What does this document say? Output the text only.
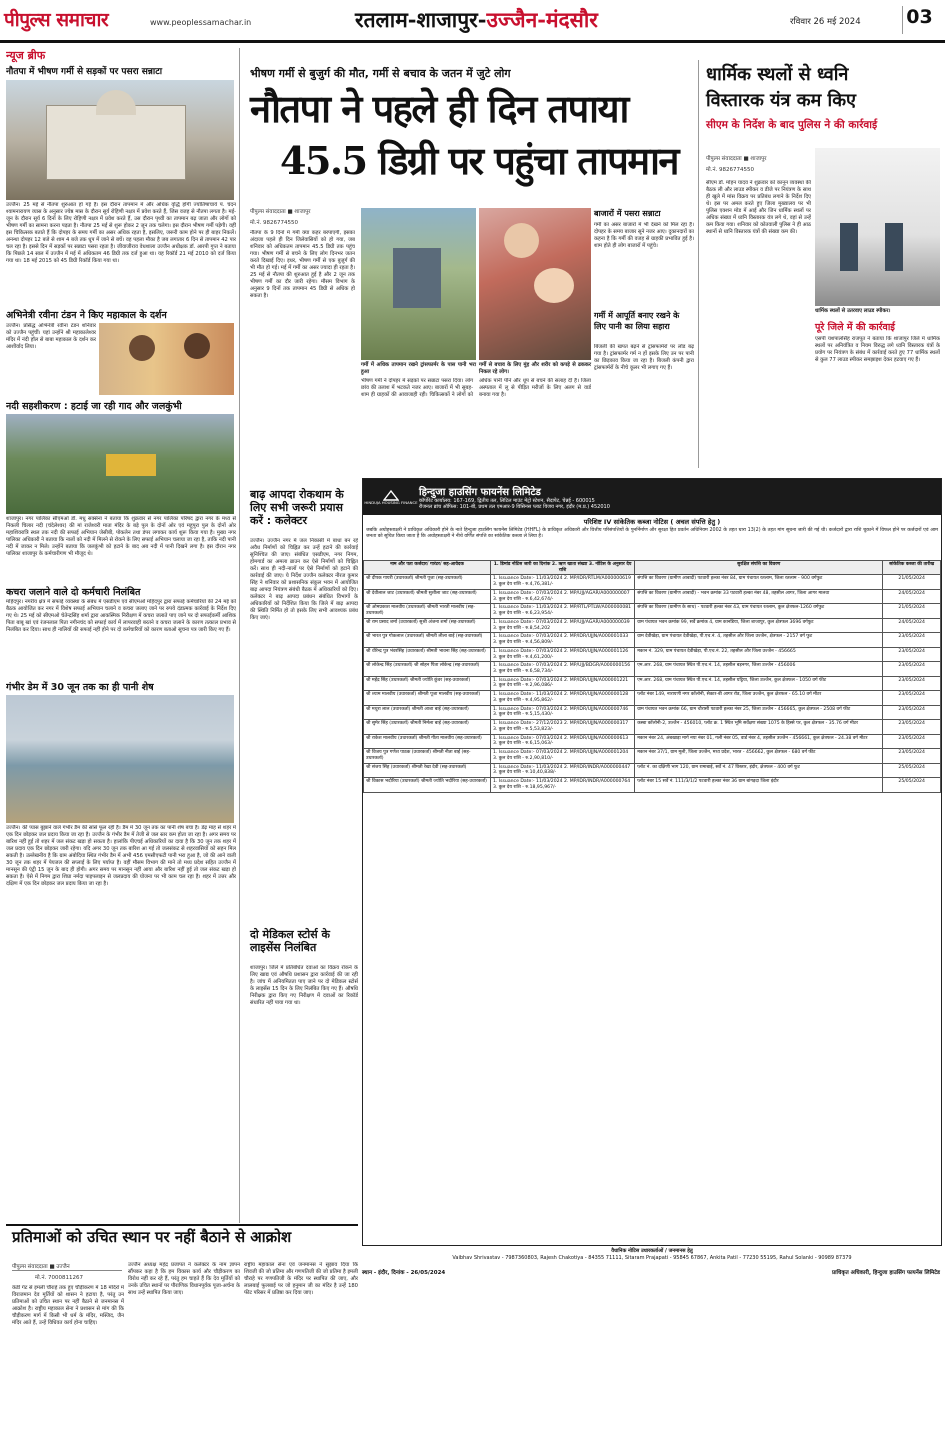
पीपुल्स समाचार	www.peoplessamachar.in	रतलाम-शाजापुर-उज्जैन-मंदसौर	रविवार 26 मई 2024 03
न्यूज ब्रीफ
नौतपा में भीषण गर्मी से सड़कों पर पसरा सन्नाटा
उज्जैन। 25 मई से नौतपा शुरुआत हो गई है। इस दौरान तापमान में और अधिक वृद्धि होगी ज्योतिषाचार्य पं. चंदन श्यामनारायण व्यास के अनुसार ज्येष्ठ मास के दौरान सूर्य रोहिणी नक्षत्र में प्रवेश करते हैं, जिस वजह से नौतपा लगता है। मई-जून के दौरान सूर्य 6 दिनों के लिए रोहिणी नक्षत्र में प्रवेश करते हैं, उस दौरान पृथ्वी का तापमान बढ़ जाता और लोगों को भीषण गर्मी का सामना करना पड़ता है। नौतपा 25 मई से शुरू होकर 2 जून तक चलेगा। इस दौरान भीषण गर्मी पड़ेगी। वहीं इस चिकित्सक बताते हैं कि दोपहर के समय गर्मी का असर अधिक रहता है, इसलिए, जरूरी काम होने पर ही बाहर निकलें। अनन्था दोपहर 12 बजे से शाम 4 बजे तक धूप में जाने से बचें। वह पहला मौका है जब लगातार 6 दिन से तापमान 42 पार चल रहा है। इससे दिन में सड़कों पर सन्नाटा पसरा रहता है। जीवाजीराव वेधशाला उज्जैन अधीक्षक डॉ. आरपी गुप्त ने बताया कि पिछले 14 साल में उज्जैन में मई में अधिकतम 46 डिग्री तक दर्ज हुआ था। यह रिकॉर्ड 21 मई 2010 को दर्ज किया गया था। 18 मई 2015 को 45 डिग्री रिकॉर्ड किया गया था।
अभिनेत्री रवीना टंडन ने किए महाकाल के दर्शन
उज्जैन। प्रसिद्ध अभिनेत्री रवीना टंडन शनिवार को उज्जैन पहुंचीं। यहां उन्होंने श्री महाकालेश्वर मंदिर में नंदी हॉल से बाबा महाकाल के दर्शन कर आशीर्वाद लिया।
नदी सहशीकरण : हटाई जा रही गाद और जलकुंभी
शाजापुर। नगर पालिका सीएमओ डॉ. मधु सक्सेना ने बताया कि शुक्रवार से नगर पालिका परिषद द्वारा नगर के मध्य से निकली चिलार नदी (चंदेलेश्वर) की मां राजेश्वरी माता मंदिर के बड़े पुल के दोनों ओर एवं महूपुरा पुल के दोनों ओर महाशिवरात्रि स्थल तक नदी की सफाई अभियान जेसीबी, पोकलेन तथा डंपर लगाकर कार्य शुरू किया गया है। मुख्य नगर पालिका अधिकारी ने बताया कि नालों को नदी में मिलने से रोकने के लिए सफाई अभियान चलाया जा रहा है, ताकि नदी पानी नदी में जाकर न मिले। उन्होंने बताया कि जलकुंभी को हटाने के बाद अब नदी में पानी दिखने लगा है। इस दौरान नगर पालिका शाजापुर के कर्मचारीगण भी मौजूद थे।
कचरा जलाने वाले दो कर्मचारी निलंबित
महिदपुर। नगरीय क्षेत्र में सफाई व्यवस्था के संबंध में एसडीएम एवं सीएमओ महिदपुर द्वारा सफाई कर्मचारियों की 24 मई को बैठक आयोजित कर नगर में विशेष सफाई अभियान चलाने व कचरा जलाए जाने पर रुपये दंडात्मक कार्रवाई के निर्देश दिए गए थे। 25 मई को सीएमओ चेतेन्द्रसिंह शर्मा द्वारा आकस्मिक निरीक्षण में कचरा जलाते पाए जाने पर दो सफाईकर्मी आशिक पिता बाबू खां एवं रंजनलाल पिता नगीनचंद को सफाई कार्य में लापरवाही बरतने व कचरा जलाने के कारण तत्काल प्रभाव से निलंबित कर दिया। साथ ही नालियों की सफाई नहीं होने पर दो कर्मचारियों को कारण बताओ सूचना पत्र जारी किए गए हैं।
गंभीर डेम में 30 जून तक का ही पानी शेष
उज्जैन। की प्यास बुझाने वाले गंभीर डैम की सांसें फूल रही हैं। डैम में 30 जून तक का पानी शेष बचा है। डेढ़ माह से शहर में एक दिन छोड़कर जल प्रदाय किया जा रहा है। उज्जैन के गंभीर डैम में तेजी से जल स्तर कम होता जा रहा है। अगर समय पर बारिश नहीं हुई तो शहर में जल संकट खड़ा हो सकता है। हालांकि पीएचई अधिकारियों का दावा है कि 30 जून तक शहर में जल प्रदाय एक दिन छोड़कर जारी रहेगा। यदि अगर 30 जून तक बारिश आ गई तो जलसंकट से शहरवासियों को सहन मिल सकती है। उल्लेखनीय है कि ग्राम अंबोदिया स्थित गंभीर डैम में अभी 456 एमसीएफटी पानी भरा हुआ है, जो की आने वाली 30 जून तक शहर में पेयजल की सप्लाई के लिए पर्याप्त है। वहीं मौसम विभाग की माने तो मध्य प्रदेश सहित उज्जैन में मानसून की एंट्री 15 जून के बाद ही होगी। अगर समय पर मानसून नहीं आया और बारिश नहीं हुई तो जल संकट खड़ा हो सकता है। ऐसे में निगम द्वारा शिप्रा नर्मदा पाइपलाइन से जलप्रदाय की योजना पर भी काम चल रहा है। शहर में उत्तर और दक्षिण में एक दिन छोड़कर जल प्रदाय किया जा रहा है।
भीषण गर्मी से बुजुर्ग की मौत, गर्मी से बचाव के जतन में जुटे लोग
नौतपा ने पहले ही दिन तपाया
45.5 डिग्री पर पहुंचा तापमान
पीपुल्स संवाददाता ■ शाजापुर
मो.नं. 9826774550
नौतपा के 9 दिनों में गर्मी क्या कहर बरपाएगी, इसका अंदाजा पहले ही दिन जिलेवासियों को हो गया, जब शनिवार को अधिकतम तापमान 45.5 डिग्री तक पहुंच गया। भीषण गर्मी से बचने के लिए लोग दिनभर जतन करते दिखाई दिए। इधर, भीषण गर्मी से एक बुजुर्ग की भी मौत हो गई। मई में गर्मी का असर ज्यादा ही रहता है। 25 मई से नौतपा की शुरुआत हुई है और 2 जून तक भीषण गर्मी का दौर जारी रहेगा। मौसम विभाग के अनुसार 9 दिनों तक तापमान 45 डिग्री से अधिक हो सकता है।
गर्मी में अधिक तापमान रखने ट्रांसफार्मर के पास पानी भरा हुआ
गर्मी से बचाव के लिए मुंह और शरीर को कपड़े से ढककर निकल रहे लोग।
भीषण गर्मी ने दोपहर में सड़कों पर सन्नाटा पसरा दिया। लोग छांव की तलाश में भटकते नजर आए। बाजारों में भी सुबह-शाम ही ग्राहकों की आवाजाही रही। चिकित्सकों ने लोगों को अधिक पानी पीने और धूप से बचने की सलाह दी है। जिला अस्पताल में लू से पीड़ित मरीजों के लिए अलग से वार्ड बनाया गया है।
बाजारों में पसरा सन्नाटा
गर्मी का असर बाजारों में भी देखने को मिल रहा है। दोपहर के समय बाजार सूने नजर आए। दुकानदारों का कहना है कि गर्मी की वजह से ग्राहकी प्रभावित हुई है। शाम होते ही लोग बाजारों में पहुंचे।
गर्मी में आपूर्ति बनाए रखने के लिए पानी का लिया सहारा
बिजली की खपत बढ़ने से ट्रांसफार्मरों पर लोड बढ़ गया है। ट्रांसफार्मर गर्म न हों इसके लिए उन पर पानी का छिड़काव किया जा रहा है। बिजली कंपनी द्वारा ट्रांसफार्मरों के नीचे कूलर भी लगाए गए हैं।
धार्मिक स्थलों से ध्वनि
विस्तारक यंत्र कम किए
सीएम के निर्देश के बाद पुलिस ने की कार्रवाई
पीपुल्स संवाददाता ■ शाजापुर
मो.नं. 9826774550
सीएम डॉ. मोहन यादव ने शुक्रवार को कानून व्यवस्था की बैठक ली और लाउड स्पीकर व डीजे पर नियंत्रण के साथ ही खुले में मांस विक्रय पर प्रतिबंध लगाने के निर्देश दिए थे। इस पर अमल करते हुए जिला मुख्यालय पर भी पुलिस एक्शन मोड में आई और जिन धार्मिक स्थलों पर अधिक संख्या में ध्वनि विस्तारक यंत्र लगे थे, वहां से उन्हें कम किया गया। शनिवार को कोतवाली पुलिस ने ही आठ स्थानों से ध्वनि विस्तारक यंत्रों की संख्या कम की।
धार्मिक स्थलों से उतरवाए लाउड स्पीकर।
पूरे जिले में की कार्रवाई
एसपी यशपालसिंह राजपूत ने बताया कि शाजापुर जिले में धार्मिक स्थलों पर अनियंत्रित व नियम विरुद्ध लगे ध्वनि विस्तारक यंत्रों के प्रयोग पर नियंत्रण के संबंध में कार्रवाई करते हुए 77 धार्मिक स्थलों से कुल 77 लाउड स्पीकर समझाइश देकर हटवाए गए हैं।
बाढ़ आपदा रोकथाम के लिए सभी जरूरी प्रयास करें : कलेक्टर
उज्जैन। उज्जैन नगर में जल निकासी में बाधा बन रहे अवैध निर्माणों को चिह्नित कर उन्हें हटाने की कार्रवाई सुनिश्चित की जाए। संबंधित एसडीएम, नगर निगम, होमगार्ड का अमला ब्राउन कर ऐसे निर्माणों को चिह्नित करें। साथ ही नदी-नालों पर ऐसे निर्माणों को हटाने की कार्रवाई की जाए। ये निर्देश उज्जैन कलेक्टर नीरज कुमार सिंह ने शनिवार को प्रशासनिक संकुल भवन में आयोजित बाढ़ आपदा नियंत्रण संबंधी बैठक में अधिकारियों को दिए। कलेक्टर ने बाढ़ आपदा प्रबंधन संबंधित विभागों के अधिकारियों को निर्देशित किया कि जिले में बाढ़ आपदा की स्थिति निर्मित हो तो इसके लिए सभी आवश्यक प्रबंध किए जाएं।
दो मेडिकल स्टोर्स के लाइसेंस निलंबित
शाजापुर। जिले में प्रतिबंधित दवाओं का विक्रय रोकने के लिए खाद्य एवं औषधि प्रशासन द्वारा कार्रवाई की जा रही है। जांच में अनियमितता पाए जाने पर दो मेडिकल स्टोर्स के लाइसेंस 15 दिन के लिए निलंबित किए गए हैं। औषधि निरीक्षक द्वारा किए गए निरीक्षण में दवाओं का रिकॉर्ड संधारित नहीं पाया गया था।
HINDUJA HOUSING FINANCE
हिन्दुजा हाउसिंग फायनेंस लिमिटेड
कॉर्पोरेट कार्यालय: 167-169, द्वितीय तल, लिटिल माउंट मेट्रो स्टेशन, सैदापेट, चेन्नई - 600015
रीजनल ब्रांच ऑफिस: 101-बी, प्रथम तल एमआर-9 विसिनस प्लाट विजय नगर, इंदौर (म.प्र.) 452010
परिशिष्ट IV सांकेतिक कब्जा नोटिस ( अचल संपत्ति हेतु )
जबकि अधोहस्ताक्षरी ने प्राधिकृत अधिकारी होने के नाते हिन्दुजा हाउसिंग फायनेंस लिमिटेड (HHFL) के प्राधिकृत अधिकारी और वित्तीय परिसंपत्तियों के पुनर्निर्माण और सुरक्षा हित प्रवर्तन अधिनियम 2002 के तहत धारा 13(2) के तहत मांग सूचना जारी की गई थी। कर्जदारों द्वारा राशि चुकाने में विफल होने पर कर्जदारों एवं आम जनता को सूचित किया जाता है कि अधोहस्ताक्षरी ने नीचे वर्णित संपत्ति का सांकेतिक कब्जा ले लिया है।
नाम और पता कर्जदार/ गारंटर/ सह-आवेदक	1. डिमांड नोटिस जारी का दिनांक 2. ऋण खाता संख्या 3. नोटिस के अनुसार देय राशि	सुरक्षित संपत्ति का विवरण	सांकेतिक कब्जा की तारीख
श्री दीपक गायरी (उधारकर्ता) श्रीमती पूजा (सह-उधारकर्ता)	1. Issuance Date:- 11/03/2024 2. MP/IDR/RTLM/A000000619 3. कुल देय राशि - रु.4,76,381/-	संपत्ति का विवरण (ग्रामीण आबादी) पटवारी हल्का नंबर 84, ग्राम पंचायत रतलाम, जिला रतलाम - 900 वर्गफुट	21/05/2024
श्री देवीलाल जाट (उधारकर्ता) श्रीमती सुशीला जाट (सह-उधारकर्ता)	1. Issuance Date:- 07/03/2024 2. MP/UJJ/AGAR/A000000007 3. कुल देय राशि - रु.6,42,674/-	संपत्ति का विवरण (ग्रामीण आबादी) - भवन क्रमांक 33 पटवारी हल्का नंबर 48, तहसील आगर, जिला आगर मालवा	24/05/2024
श्री ओमप्रकाश मालवीय (उधारकर्ता) श्रीमती भारती मालवीय (सह-उधारकर्ता)	1. Issuance Date:- 11/03/2024 2. MP/RTL/PTLW/A000000081 3. कुल देय राशि - रु.6,23,954/-	संपत्ति का विवरण (ग्रामीण के साथ) - पटवारी हल्का नंबर 43, ग्राम पंचायत रतलाम, कुल क्षेत्रफल-1260 वर्गफुट	21/05/2024
श्री राम प्रसाद शर्मा (उधारकर्ता) सुश्री अंजना शर्मा (सह-उधारकर्ता)	1. Issuance Date:- 07/03/2024 2. MP/UJJ/AGAR/A000000039 3. कुल देय राशि - रु.8,54,202	ग्राम पंचायत भवन क्रमांक 99, सर्वे क्रमांक 4, ग्राम कानडिया, जिला शाजापुर, कुल क्षेत्रफल 3696 वर्गफुट	24/05/2024
श्री भारत पुत्र गोकलाल (उधारकर्ता) श्रीमती लीला बाई (सह-उधारकर्ता)	1. Issuance Date:- 07/03/2024 2. MP/IDR/UJJN/A000001033 3. कुल देय राशि - रु.4,56,809/-	ग्राम देवीखेड़ा, ग्राम पंचायत देवीखेड़ा, पी.एच.नं. 4, तहसील और जिला उज्जैन, क्षेत्रफल - 2157 वर्ग फुट	23/05/2024
श्री धीरेन्द्र पुत्र भंवरसिंह (उधारकर्ता) श्रीमती भावना सिंह (सह-उधारकर्ता)	1. Issuance Date:- 07/03/2024 2. MP/IDR/UJJN/A000001126 3. कुल देय राशि - रु.4,61,200/-	मकान नं. 329, ग्राम पंचायत देवीखेड़ा, पी.एच.नं. 22, तहसील और जिला उज्जैन - 456665	23/05/2024
श्री लोकेन्द्र सिंह (उधारकर्ता) श्री सोहन पिता लोकेन्द्र (सह-उधारकर्ता)	1. Issuance Date:- 07/03/2024 2. MP/UJJ/BDGR/A000000156 3. कुल देय राशि - रु.6,58,734/-	एम.आर. 268, ग्राम पंचायत स्थित पी.एच.नं. 14, तहसील बड़नगर, जिला उज्जैन - 456006	23/05/2024
श्री महेंद्र सिंह (उधारकर्ता) श्रीमती ज्योति कुंवर (सह-उधारकर्ता)	1. Issuance Date:- 07/03/2024 2. MP/IDR/UJJN/A000001221 3. कुल देय राशि - रु.2,96,086/-	एम.आर. 268, ग्राम पंचायत स्थित पी.एच.नं. 14, तहसील घट्टिया, जिला उज्जैन, कुल क्षेत्रफल - 1050 वर्ग फीट	23/05/2024
श्री श्याम मालवीय (उधारकर्ता) श्रीमती पूजा मालवीय (सह-उधारकर्ता)	1. Issuance Date:- 11/03/2024 2. MP/IDR/UJJN/A000000128 3. कुल देय राशि - रु.4,95,862/-	प्लॉट नंबर 149, नारायणी नगर कॉलोनी, सेक्टर-बी आगर रोड, जिला उज्जैन, कुल क्षेत्रफल - 65.10 वर्ग मीटर	23/05/2024
श्री मथुरा लाल (उधारकर्ता) श्रीमती आशा बाई (सह-उधारकर्ता)	1. Issuance Date:- 07/03/2024 2. MP/IDR/UJJN/A000000746 3. कुल देय राशि - रु.5,15,430/-	ग्राम पंचायत भवन क्रमांक 66, ग्राम चौरासी पटवारी हल्का नंबर 25, जिला उज्जैन - 456665, कुल क्षेत्रफल - 2508 वर्ग फीट	23/05/2024
श्री सुमेर सिंह (उधारकर्ता) श्रीमती निर्मला बाई (सह-उधारकर्ता)	1. Issuance Date:- 27/12/2023 2. MP/IDR/UJJN/A000000317 3. कुल देय राशि - रु.5,53,823/-	कस्बा कॉलोनी-2, उज्जैन - 456010, प्लॉट क्र. 1 स्थित भूमि सर्वेक्षण संख्या 1075 के हिस्से पर, कुल क्षेत्रफल - 35.76 वर्ग मीटर	23/05/2024
श्री राकेश मालवीय (उधारकर्ता) श्रीमती गीता मालवीय (सह-उधारकर्ता)	1. Issuance Date:- 07/03/2024 2. MP/IDR/UJJN/A000000613 3. कुल देय राशि - रु.6,15,063/-	मकान नंबर 24, अंबखाड़ा मार्ग नया नंबर 01, गली नंबर 05, वार्ड नंबर 4, तहसील उज्जैन - 456661, कुल क्षेत्रफल - 24.38 वर्ग मीटर	23/05/2024
श्री विजय पुत्र गणेश पाठक (उधारकर्ता) श्रीमती नीता बाई (सह-उधारकर्ता)	1. Issuance Date:- 07/03/2024 2. MP/IDR/UJJN/A000001204 3. कुल देय राशि - रु.2,90,810/-	मकान नंबर 37/1, ग्राम मूली, जिला उज्जैन, मध्य प्रदेश, भारत - 456662, कुल क्षेत्रफल - 680 वर्ग फीट	23/05/2024
श्री संजय सिंह (उधारकर्ता) श्रीमती रेखा देवी (सह-उधारकर्ता)	1. Issuance Date:- 11/03/2024 2. MP/IDR/INDR/A000000447 3. कुल देय राशि - रु.10,40,838/-	प्लॉट नं. का दक्षिणी भाग 120, ग्राम रामाबाई, सर्वे नं. 47 विस्तार, इंदौर, क्षेत्रफल - 400 वर्ग फुट	25/05/2024
श्री विकास भदौरिया (उधारकर्ता) श्रीमती ज्योति भदौरिया (सह-उधारकर्ता)	1. Issuance Date:- 11/03/2024 2. MP/IDR/INDR/A000000764 3. कुल देय राशि - रु.18,95,967/-	प्लॉट नंबर 15 सर्वे नं. 111/3/1/2 पटवारी हल्का नंबर 36 ग्राम बांगड़दा जिला इंदौर	25/05/2024
वैधानिक नोटिस उधारकर्ताओं / जनमानस हेतु
Vaibhav Shrivastav - 7987360803, Rajesh Chakotiya - 84355 71111, Sitaram Prajapati - 95845 67867, Ankita Patil - 77230 55195, Rahul Solanki - 90989 87379
स्थान - इंदौर, दिनांक - 26/05/2024	प्राधिकृत अधिकारी, हिन्दुजा हाउसिंग फायनेंस लिमिटेड
प्रतिमाओं को उचित स्थान पर नहीं बैठाने से आक्रोश
पीपुल्स संवाददाता ■ उज्जैन
मो.नं. 7000811267
केडी गेट से इमली चौराहे तक हुए चौड़ीकरण में 18 मंदिरों में विराजमान देव मूर्तियों को शासन ने हटाया है, परंतु उन प्रतिमाओं को उचित स्थान पर नहीं बैठाने से जनमानस में आक्रोश है। राष्ट्रीय महाकाल सेना ने प्रशासन से मांग की कि चौड़ीकरण मार्ग में किसी भी धर्म के मंदिर, मस्जिद, जैन मंदिर आते हैं, उन्हें विधिवत कार्य होना चाहिए।
उज्जैन अध्यक्ष महेंद्र प्रजापत ने कलेक्टर के नाम ज्ञापन सौंपकर कहा है कि हम विकास कार्य और चौड़ीकरण का विरोध नहीं कर रहे हैं, परंतु हम चाहते हैं कि देव मूर्तियों को उनके उचित स्थानों पर पौराणिक विधानपूर्वक पूजा-अर्चना के साथ उन्हें स्थापित किया जाए।
राष्ट्रीय महाकाल सेना एवं जनमानस ने सुझाव दिया कि शिवजी की जो प्रतिमा और गणपतिजी की जो प्रतिमा है इमली चौराहे पर गणपतिजी के मंदिर पर स्थापित की जाए, और लालबाई फूलबाई पर जो हनुमान जी का मंदिर है उन्हें 180 फीट परिसर में प्रतिष्ठा कर दिया जाए।
